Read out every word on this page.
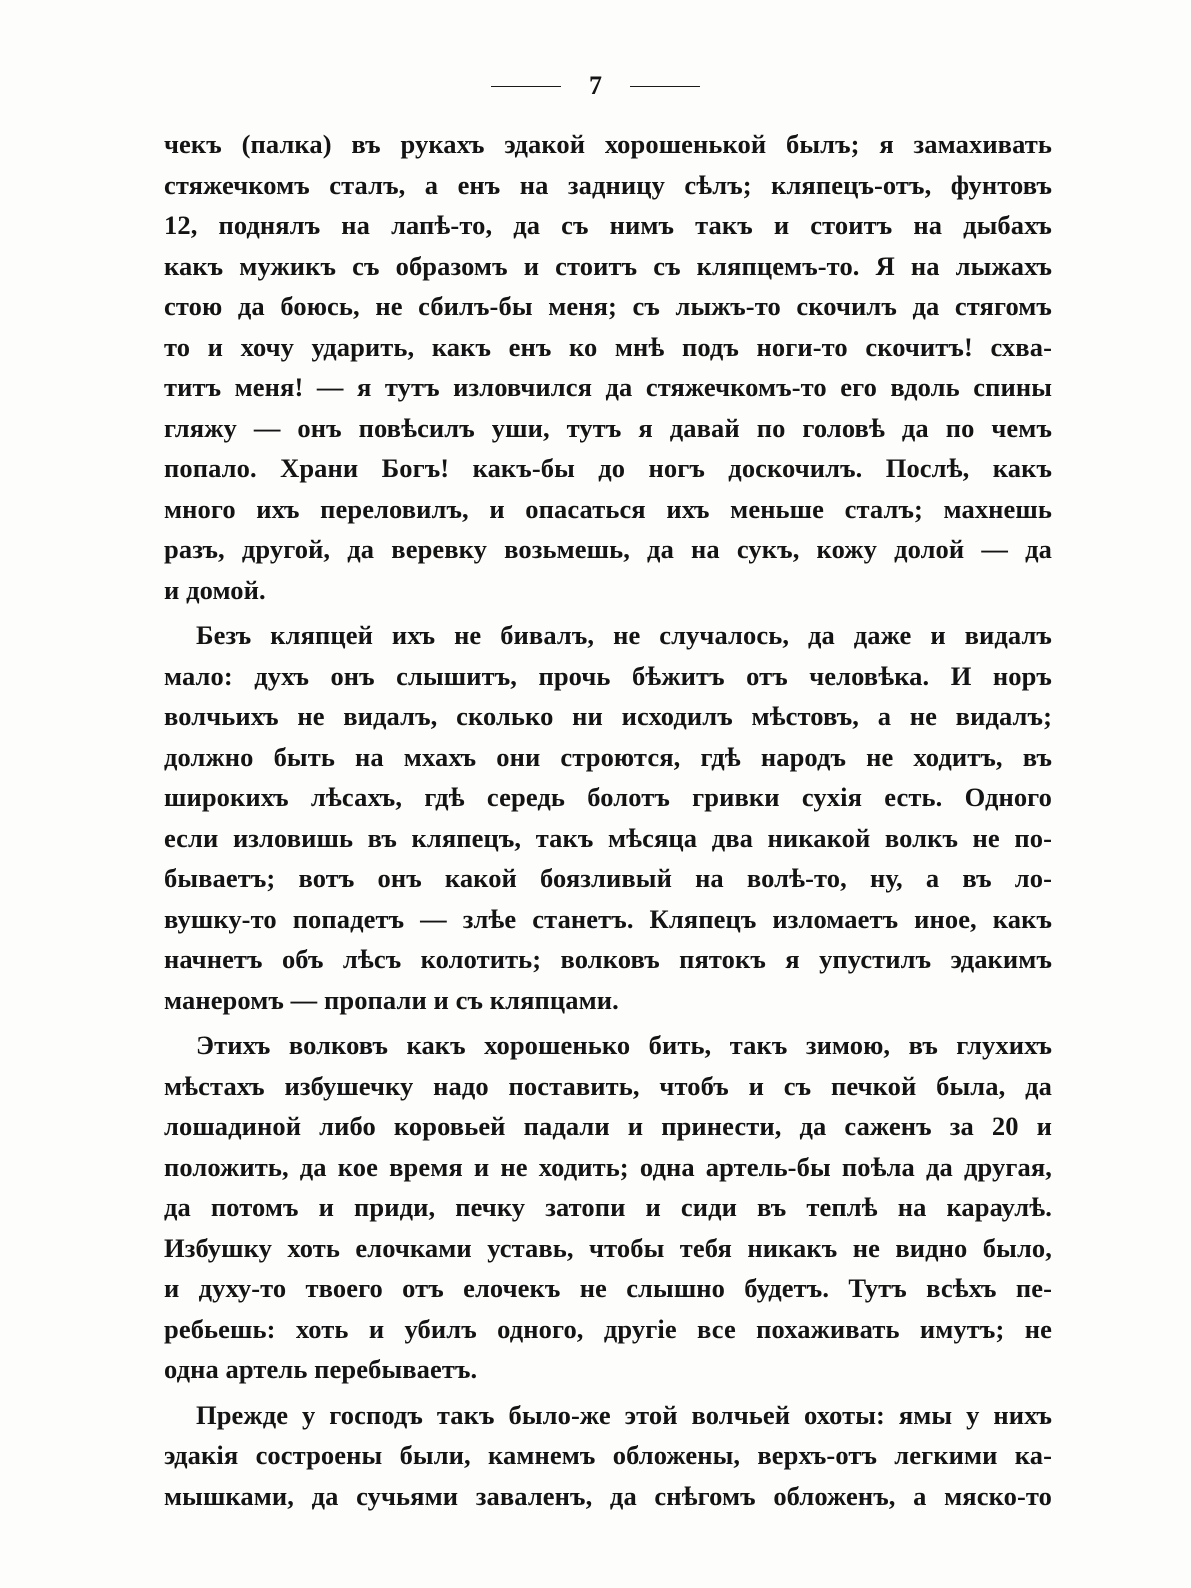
7
чекъ (палка) въ рукахъ эдакой хорошенькой былъ; я замахивать
стяжечкомъ сталъ, а енъ на задницу сѣлъ; кляпецъ-отъ, фунтовъ
12, поднялъ на лапѣ-то, да съ нимъ такъ и стоитъ на дыбахъ
какъ мужикъ съ образомъ и стоитъ съ кляпцемъ-то. Я на лыжахъ
стою да боюсь, не сбилъ-бы меня; съ лыжъ-то скочилъ да стягомъ
то и хочу ударить, какъ енъ ко мнѣ подъ ноги-то скочитъ! схва-
титъ меня! — я тутъ изловчился да стяжечкомъ-то его вдоль спины
гляжу — онъ повѣсилъ уши, тутъ я давай по головѣ да по чемъ
попало. Храни Богъ! какъ-бы до ногъ доскочилъ. Послѣ, какъ
много ихъ переловилъ, и опасаться ихъ меньше сталъ; махнешь
разъ, другой, да веревку возьмешь, да на сукъ, кожу долой — да
и домой.
Безъ кляпцей ихъ не бивалъ, не случалось, да даже и видалъ
мало: духъ онъ слышитъ, прочь бѣжитъ отъ человѣка. И норъ
волчьихъ не видалъ, сколько ни исходилъ мѣстовъ, а не видалъ;
должно быть на мхахъ они строются, гдѣ народъ не ходитъ, въ
широкихъ лѣсахъ, гдѣ середь болотъ гривки сухія есть. Одного
если изловишь въ кляпецъ, такъ мѣсяца два никакой волкъ не по-
бываетъ; вотъ онъ какой боязливый на волѣ-то, ну, а въ ло-
вушку-то попадетъ — злѣе станетъ. Кляпецъ изломаетъ иное, какъ
начнетъ объ лѣсъ колотить; волковъ пятокъ я упустилъ эдакимъ
манеромъ — пропали и съ кляпцами.
Этихъ волковъ какъ хорошенько бить, такъ зимою, въ глухихъ
мѣстахъ избушечку надо поставить, чтобъ и съ печкой была, да
лошадиной либо коровьей падали и принести, да саженъ за 20 и
положить, да кое время и не ходить; одна артель-бы поѣла да другая,
да потомъ и приди, печку затопи и сиди въ теплѣ на караулѣ.
Избушку хоть елочками уставь, чтобы тебя никакъ не видно было,
и духу-то твоего отъ елочекъ не слышно будетъ. Тутъ всѣхъ пе-
ребьешь: хоть и убилъ одного, другіе все похаживать имутъ; не
одна артель перебываетъ.
Прежде у господъ такъ было-же этой волчьей охоты: ямы у нихъ
эдакія состроены были, камнемъ обложены, верхъ-отъ легкими ка-
мышками, да сучьями заваленъ, да снѣгомъ обложенъ, а мяско-то
